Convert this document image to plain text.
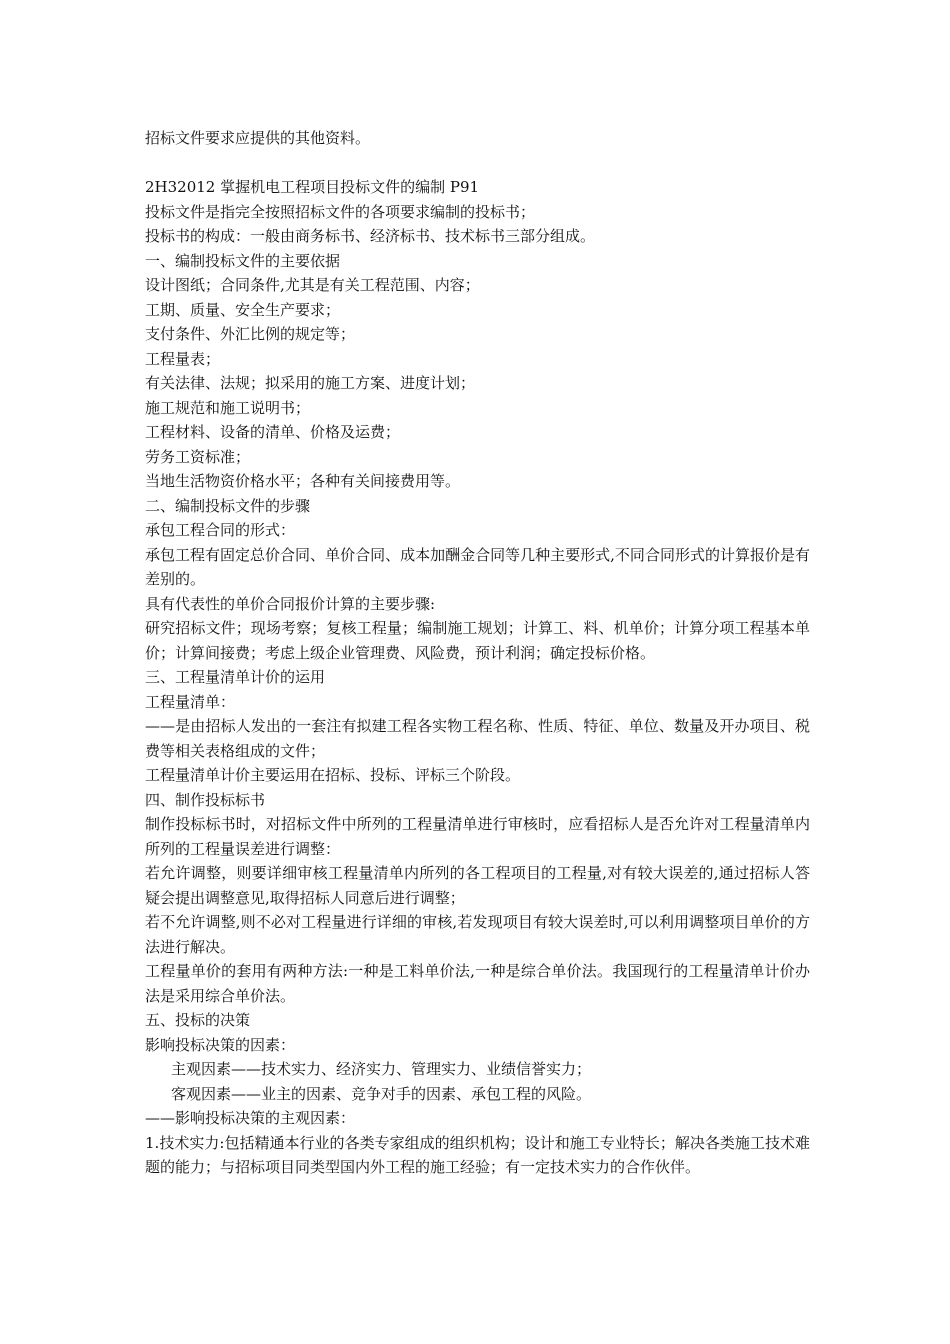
招标文件要求应提供的其他资料。

2H32012 掌握机电工程项目投标文件的编制 P91

投标文件是指完全按照招标文件的各项要求编制的投标书；

投标书的构成：一般由商务标书、经济标书、技术标书三部分组成。

一、编制投标文件的主要依据

设计图纸；合同条件,尤其是有关工程范围、内容；

工期、质量、安全生产要求；

支付条件、外汇比例的规定等；

工程量表；

有关法律、法规；拟采用的施工方案、进度计划；

施工规范和施工说明书；

工程材料、设备的清单、价格及运费；

劳务工资标准；

当地生活物资价格水平；各种有关间接费用等。

二、编制投标文件的步骤

承包工程合同的形式：

承包工程有固定总价合同、单价合同、成本加酬金合同等几种主要形式,不同合同形式的计算报价是有差别的。

具有代表性的单价合同报价计算的主要步骤:

研究招标文件；现场考察；复核工程量；编制施工规划；计算工、料、机单价；计算分项工程基本单价；计算间接费；考虑上级企业管理费、风险费，预计利润；确定投标价格。

三、工程量清单计价的运用

工程量清单：

——是由招标人发出的一套注有拟建工程各实物工程名称、性质、特征、单位、数量及开办项目、税费等相关表格组成的文件；

工程量清单计价主要运用在招标、投标、评标三个阶段。

四、制作投标标书

制作投标标书时，对招标文件中所列的工程量清单进行审核时，应看招标人是否允许对工程量清单内所列的工程量误差进行调整：

若允许调整，则要详细审核工程量清单内所列的各工程项目的工程量,对有较大误差的,通过招标人答疑会提出调整意见,取得招标人同意后进行调整；

若不允许调整,则不必对工程量进行详细的审核,若发现项目有较大误差时,可以利用调整项目单价的方法进行解决。

工程量单价的套用有两种方法:一种是工料单价法,一种是综合单价法。我国现行的工程量清单计价办法是采用综合单价法。

五、投标的决策

影响投标决策的因素：

主观因素——技术实力、经济实力、管理实力、业绩信誉实力；

客观因素——业主的因素、竞争对手的因素、承包工程的风险。

——影响投标决策的主观因素：

1.技术实力:包括精通本行业的各类专家组成的组织机构；设计和施工专业特长；解决各类施工技术难题的能力；与招标项目同类型国内外工程的施工经验；有一定技术实力的合作伙伴。
